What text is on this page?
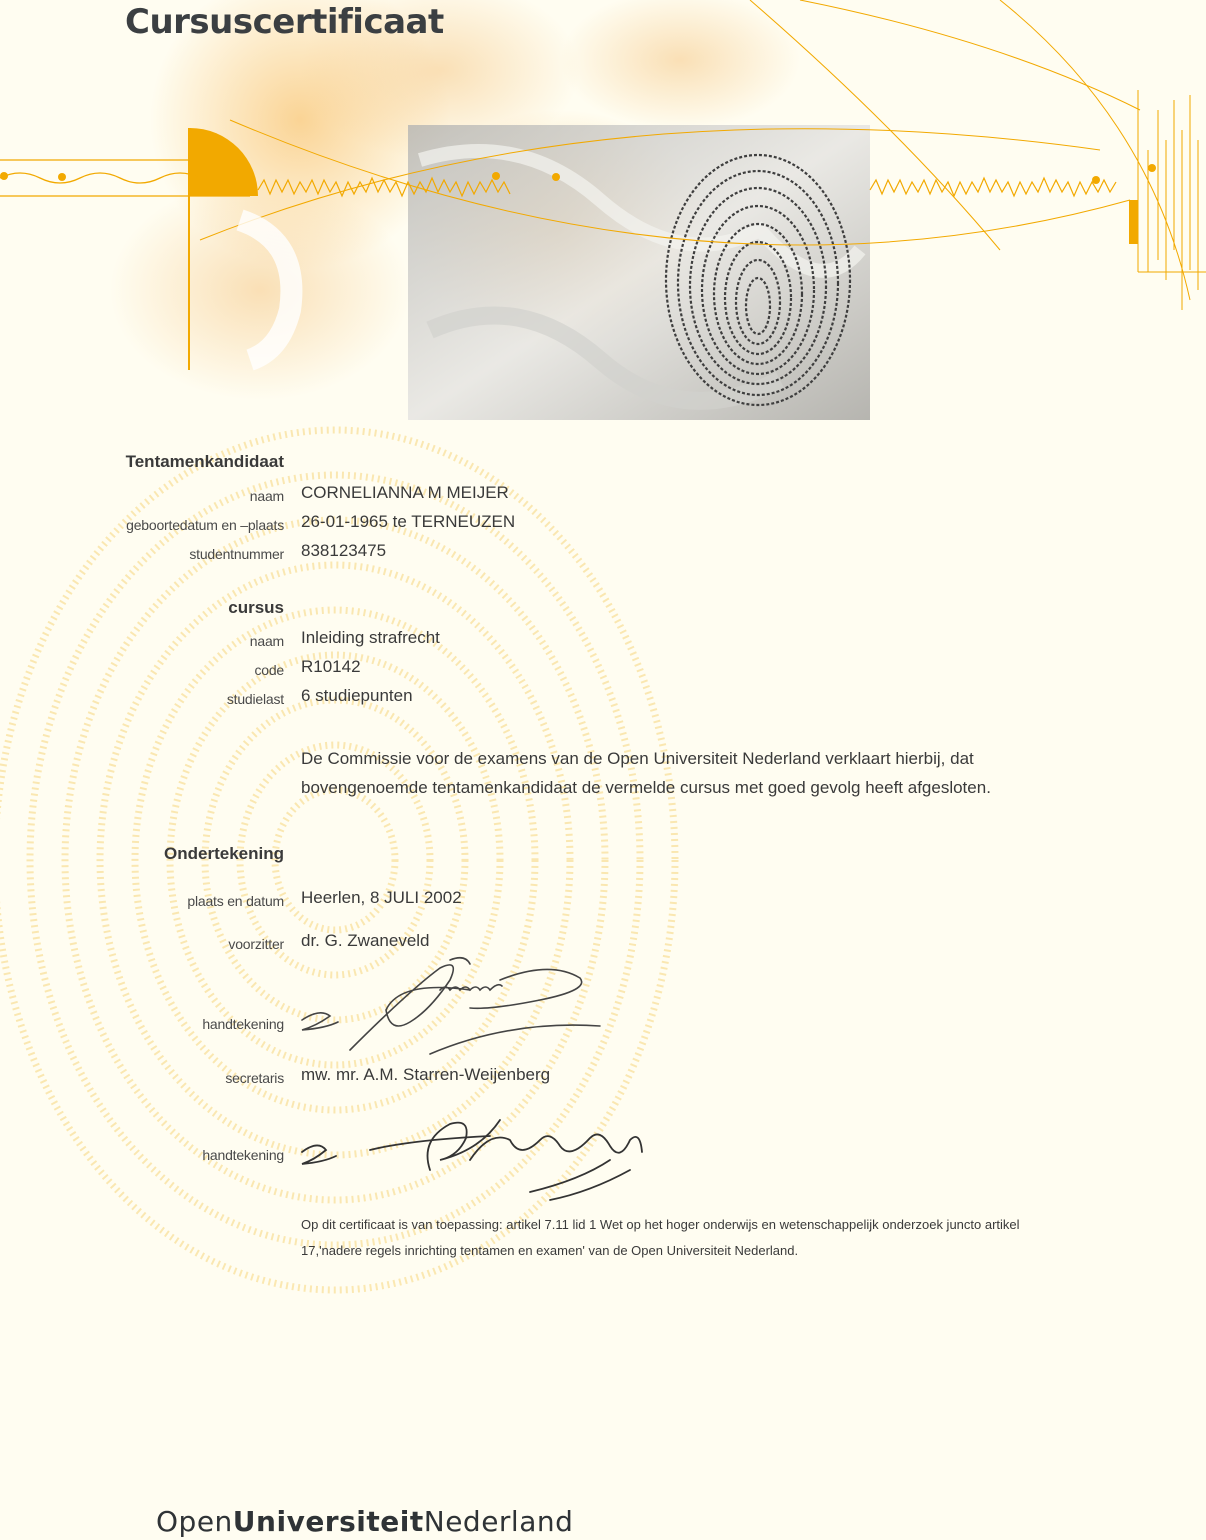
Cursuscertificaat
Tentamenkandidaat
naam CORNELIANNA M MEIJER
geboortedatum en –plaats 26-01-1965 te TERNEUZEN
studentnummer 838123475
cursus
naam Inleiding strafrecht
code R10142
studielast 6 studiepunten

De Commissie voor de examens van de Open Universiteit Nederland verklaart hierbij, dat bovengenoemde tentamenkandidaat de vermelde cursus met goed gevolg heeft afgesloten.

Ondertekening
plaats en datum Heerlen, 8 JULI 2002
voorzitter dr. G. Zwaneveld
handtekening
secretaris mw. mr. A.M. Starren-Weijenberg
handtekening

Op dit certificaat is van toepassing: artikel 7.11 lid 1 Wet op het hoger onderwijs en wetenschappelijk onderzoek juncto artikel 17,'nadere regels inrichting tentamen en examen' van de Open Universiteit Nederland.

OpenUniversiteitNederland
